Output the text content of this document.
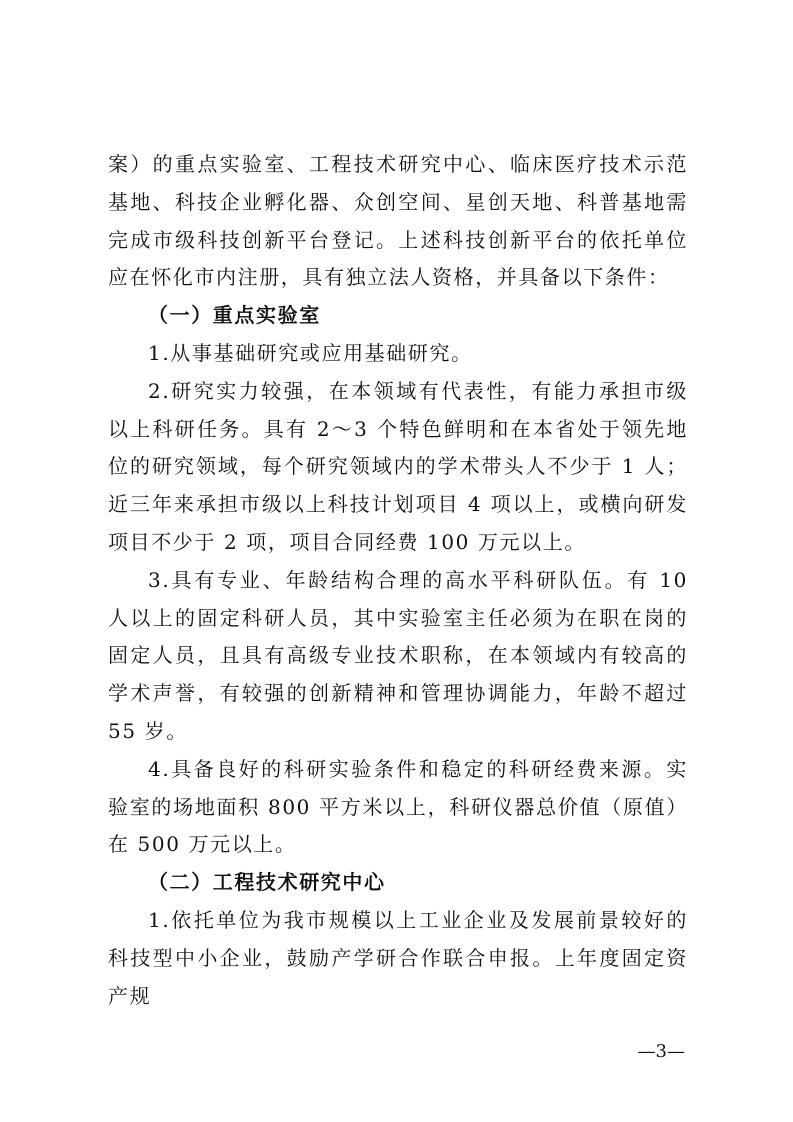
案）的重点实验室、工程技术研究中心、临床医疗技术示范基地、科技企业孵化器、众创空间、星创天地、科普基地需完成市级科技创新平台登记。上述科技创新平台的依托单位应在怀化市内注册，具有独立法人资格，并具备以下条件：

（一）重点实验室

1.从事基础研究或应用基础研究。

2.研究实力较强，在本领域有代表性，有能力承担市级以上科研任务。具有 2～3 个特色鲜明和在本省处于领先地位的研究领域，每个研究领域内的学术带头人不少于 1 人；近三年来承担市级以上科技计划项目 4 项以上，或横向研发项目不少于 2 项，项目合同经费 100 万元以上。

3.具有专业、年龄结构合理的高水平科研队伍。有 10 人以上的固定科研人员，其中实验室主任必须为在职在岗的固定人员，且具有高级专业技术职称，在本领域内有较高的学术声誉，有较强的创新精神和管理协调能力，年龄不超过 55 岁。

4.具备良好的科研实验条件和稳定的科研经费来源。实验室的场地面积 800 平方米以上，科研仪器总价值（原值）在 500 万元以上。

（二）工程技术研究中心

1.依托单位为我市规模以上工业企业及发展前景较好的科技型中小企业，鼓励产学研合作联合申报。上年度固定资产规

—3—
